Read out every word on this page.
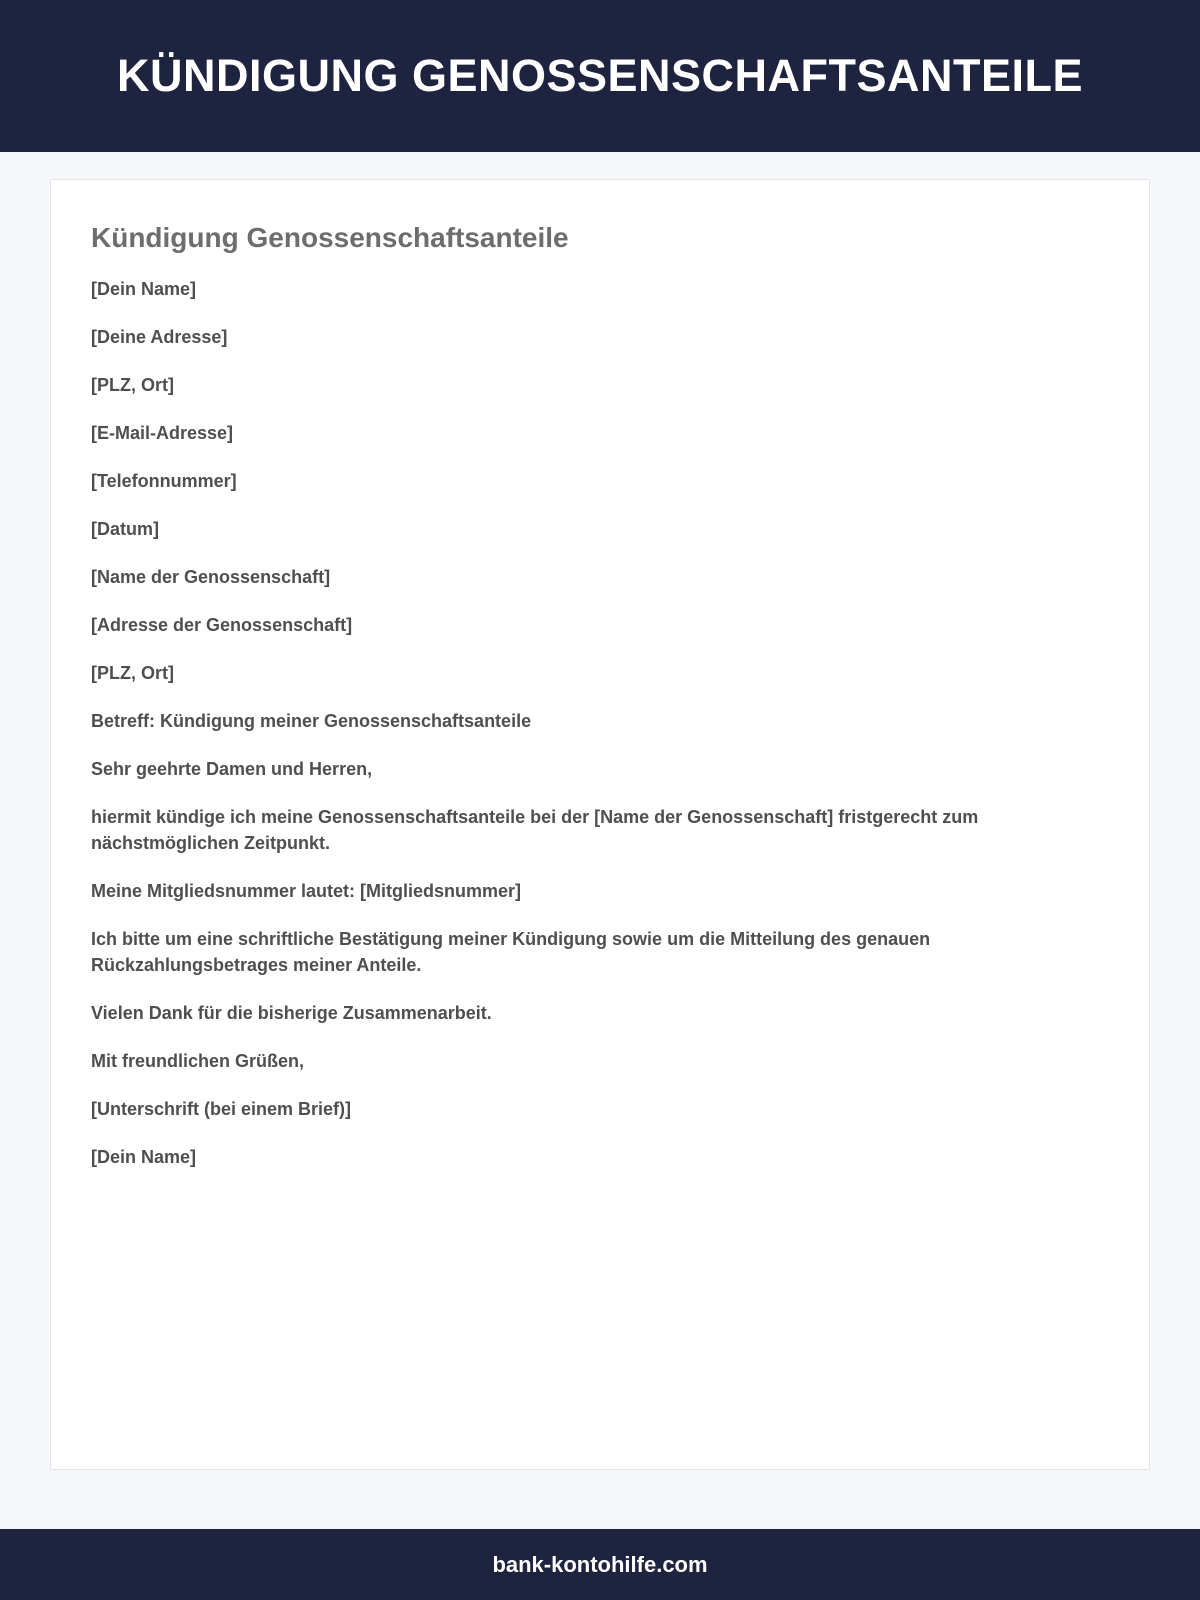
KÜNDIGUNG GENOSSENSCHAFTSANTEILE
Kündigung Genossenschaftsanteile

[Dein Name]

[Deine Adresse]

[PLZ, Ort]

[E-Mail-Adresse]

[Telefonnummer]

[Datum]

[Name der Genossenschaft]

[Adresse der Genossenschaft]

[PLZ, Ort]

Betreff: Kündigung meiner Genossenschaftsanteile

Sehr geehrte Damen und Herren,

hiermit kündige ich meine Genossenschaftsanteile bei der [Name der Genossenschaft] fristgerecht zum nächstmöglichen Zeitpunkt.

Meine Mitgliedsnummer lautet: [Mitgliedsnummer]

Ich bitte um eine schriftliche Bestätigung meiner Kündigung sowie um die Mitteilung des genauen Rückzahlungsbetrages meiner Anteile.

Vielen Dank für die bisherige Zusammenarbeit.

Mit freundlichen Grüßen,

[Unterschrift (bei einem Brief)]

[Dein Name]

bank-kontohilfe.com
